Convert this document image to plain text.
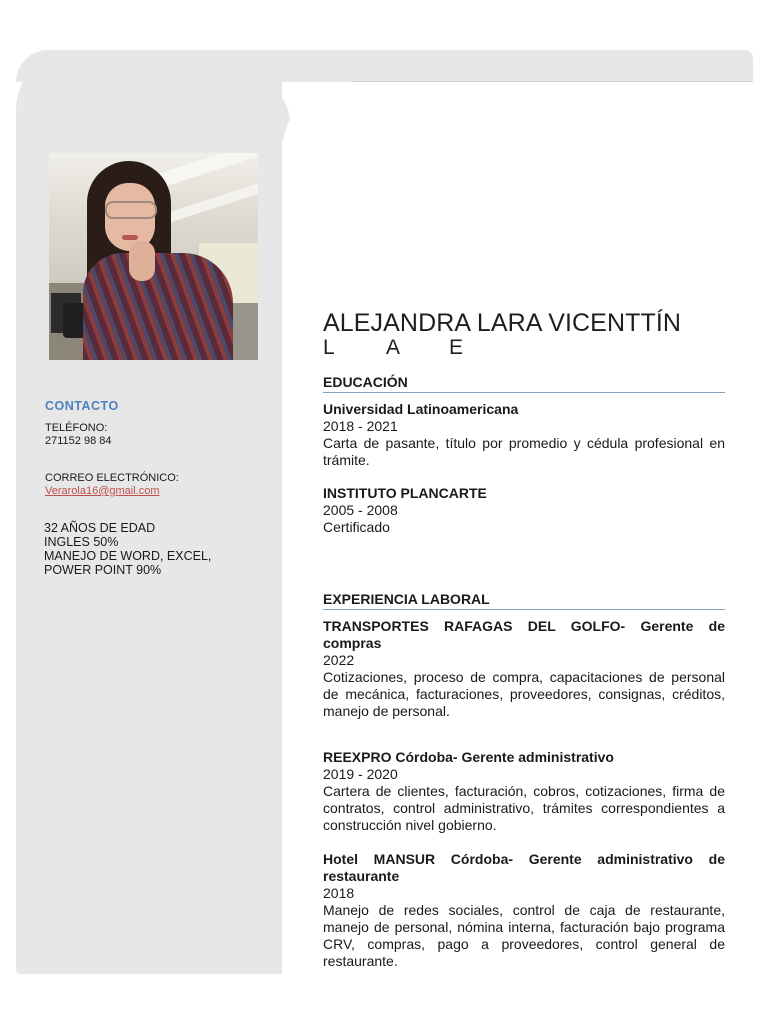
CONTACTO
TELÉFONO:
271152 98 84
CORREO ELECTRÓNICO:
Verarola16@gmail.com
32 AÑOS DE EDAD
INGLES 50%
MANEJO DE WORD, EXCEL,
POWER POINT 90%
ALEJANDRA LARA VICENTTÍN
L A E
EDUCACIÓN
Universidad Latinoamericana
2018 - 2021
Carta de pasante, título por promedio y cédula profesional en trámite.
INSTITUTO PLANCARTE
2005 - 2008
Certificado
EXPERIENCIA LABORAL
TRANSPORTES RAFAGAS DEL GOLFO- Gerente de compras
2022
Cotizaciones, proceso de compra, capacitaciones de personal de mecánica, facturaciones, proveedores, consignas, créditos, manejo de personal.
REEXPRO Córdoba- Gerente administrativo
2019 - 2020
Cartera de clientes, facturación, cobros, cotizaciones, firma de contratos, control administrativo, trámites correspondientes a construcción nivel gobierno.
Hotel MANSUR Córdoba- Gerente administrativo de restaurante
2018
Manejo de redes sociales, control de caja de restaurante, manejo de personal, nómina interna, facturación bajo programa CRV, compras, pago a proveedores, control general de restaurante.
